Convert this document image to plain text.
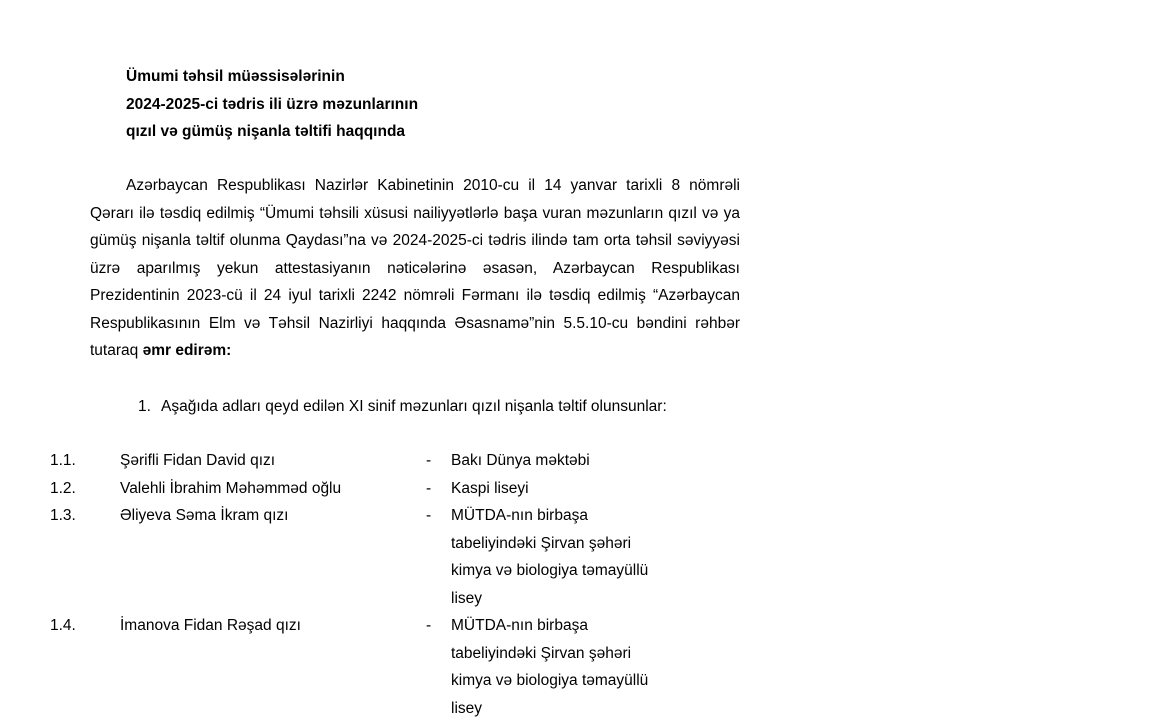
Ümumi təhsil müəssisələrinin
2024-2025-ci tədris ili üzrə məzunlarının
qızıl və gümüş nişanla təltifi haqqında
Azərbaycan Respublikası Nazirlər Kabinetinin 2010-cu il 14 yanvar tarixli 8 nömrəli Qərarı ilə təsdiq edilmiş “Ümumi təhsili xüsusi nailiyyətlərlə başa vuran məzunların qızıl və ya gümüş nişanla təltif olunma Qaydası”na və 2024-2025-ci tədris ilində tam orta təhsil səviyyəsi üzrə aparılmış yekun attestasiyanın nəticələrinə əsasən, Azərbaycan Respublikası Prezidentinin 2023-cü il 24 iyul tarixli 2242 nömrəli Fərmanı ilə təsdiq edilmiş “Azərbaycan Respublikasının Elm və Təhsil Nazirliyi haqqında Əsasnamə”nin 5.5.10-cu bəndini rəhbər tutaraq əmr edirəm:
1. Aşağıda adları qeyd edilən XI sinif məzunları qızıl nişanla təltif olunsunlar:
1.1.	Şərifli Fidan David qızı	- Bakı Dünya məktəbi
1.2.	Valehli İbrahim Məhəmməd oğlu	- Kaspi liseyi
1.3.	Əliyeva Səma İkram qızı	- MÜTDA-nın birbaşa
tabeliyindəki Şirvan şəhəri
kimya və biologiya təmayüllü
lisey
1.4.	İmanova Fidan Rəşad qızı	- MÜTDA-nın birbaşa
tabeliyindəki Şirvan şəhəri
kimya və biologiya təmayüllü
lisey
